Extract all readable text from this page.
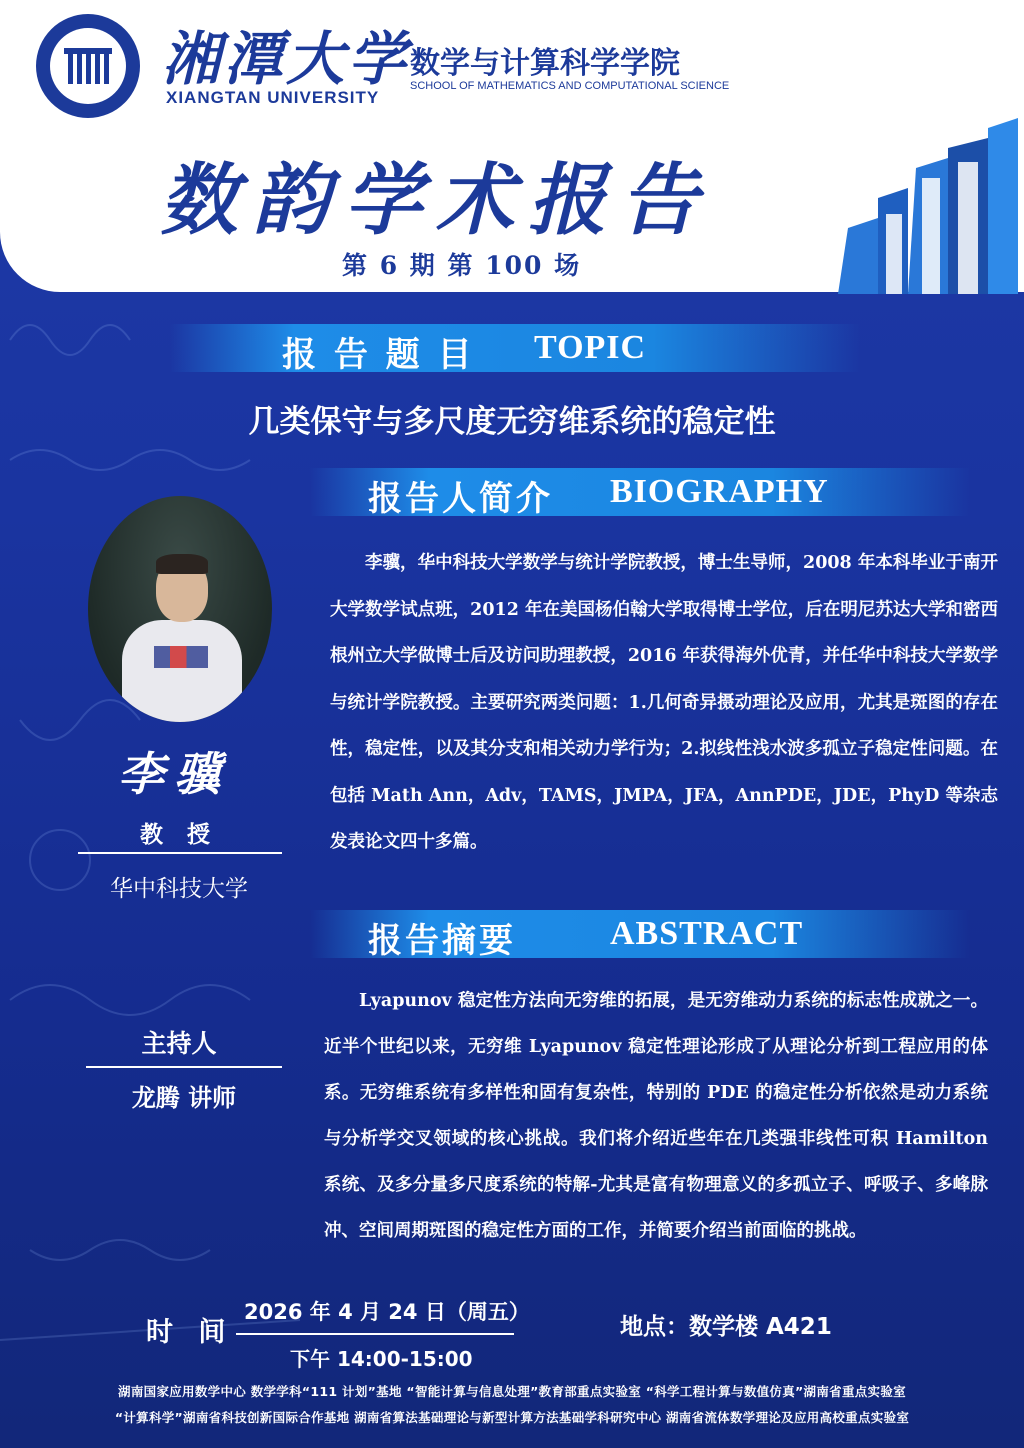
湘潭大学
XIANGTAN UNIVERSITY
数学与计算科学学院
SCHOOL OF MATHEMATICS AND COMPUTATIONAL SCIENCE
数韵学术报告
第 6 期 第 100 场
报 告 题 目 TOPIC
几类保守与多尺度无穷维系统的稳定性
报告人简介 BIOGRAPHY
李骥
教 授
华中科技大学

李骥，华中科技大学数学与统计学院教授，博士生导师，2008 年本科毕业于南开大学数学试点班，2012 年在美国杨伯翰大学取得博士学位，后在明尼苏达大学和密西根州立大学做博士后及访问助理教授，2016 年获得海外优青，并任华中科技大学数学与统计学院教授。主要研究两类问题：1.几何奇异摄动理论及应用，尤其是斑图的存在性，稳定性，以及其分支和相关动力学行为；2.拟线性浅水波多孤立子稳定性问题。在包括 Math Ann，Adv，TAMS，JMPA，JFA，AnnPDE，JDE，PhyD 等杂志发表论文四十多篇。

报告摘要	ABSTRACT

Lyapunov 稳定性方法向无穷维的拓展，是无穷维动力系统的标志性成就之一。近半个世纪以来，无穷维 Lyapunov 稳定性理论形成了从理论分析到工程应用的体系。无穷维系统有多样性和固有复杂性，特别的 PDE 的稳定性分析依然是动力系统与分析学交叉领域的核心挑战。我们将介绍近些年在几类强非线性可积 Hamilton 系统、及多分量多尺度系统的特解-尤其是富有物理意义的多孤立子、呼吸子、多峰脉冲、空间周期斑图的稳定性方面的工作，并简要介绍当前面临的挑战。

主持人
龙腾 讲师
时 间
2026 年 4 月 24 日（周五）
下午 14:00-15:00
地点：数学楼 A421
湖南国家应用数学中心 数学学科“111 计划”基地 “智能计算与信息处理”教育部重点实验室 “科学工程计算与数值仿真”湖南省重点实验室
“计算科学”湖南省科技创新国际合作基地 湖南省算法基础理论与新型计算方法基础学科研究中心 湖南省流体数学理论及应用高校重点实验室
